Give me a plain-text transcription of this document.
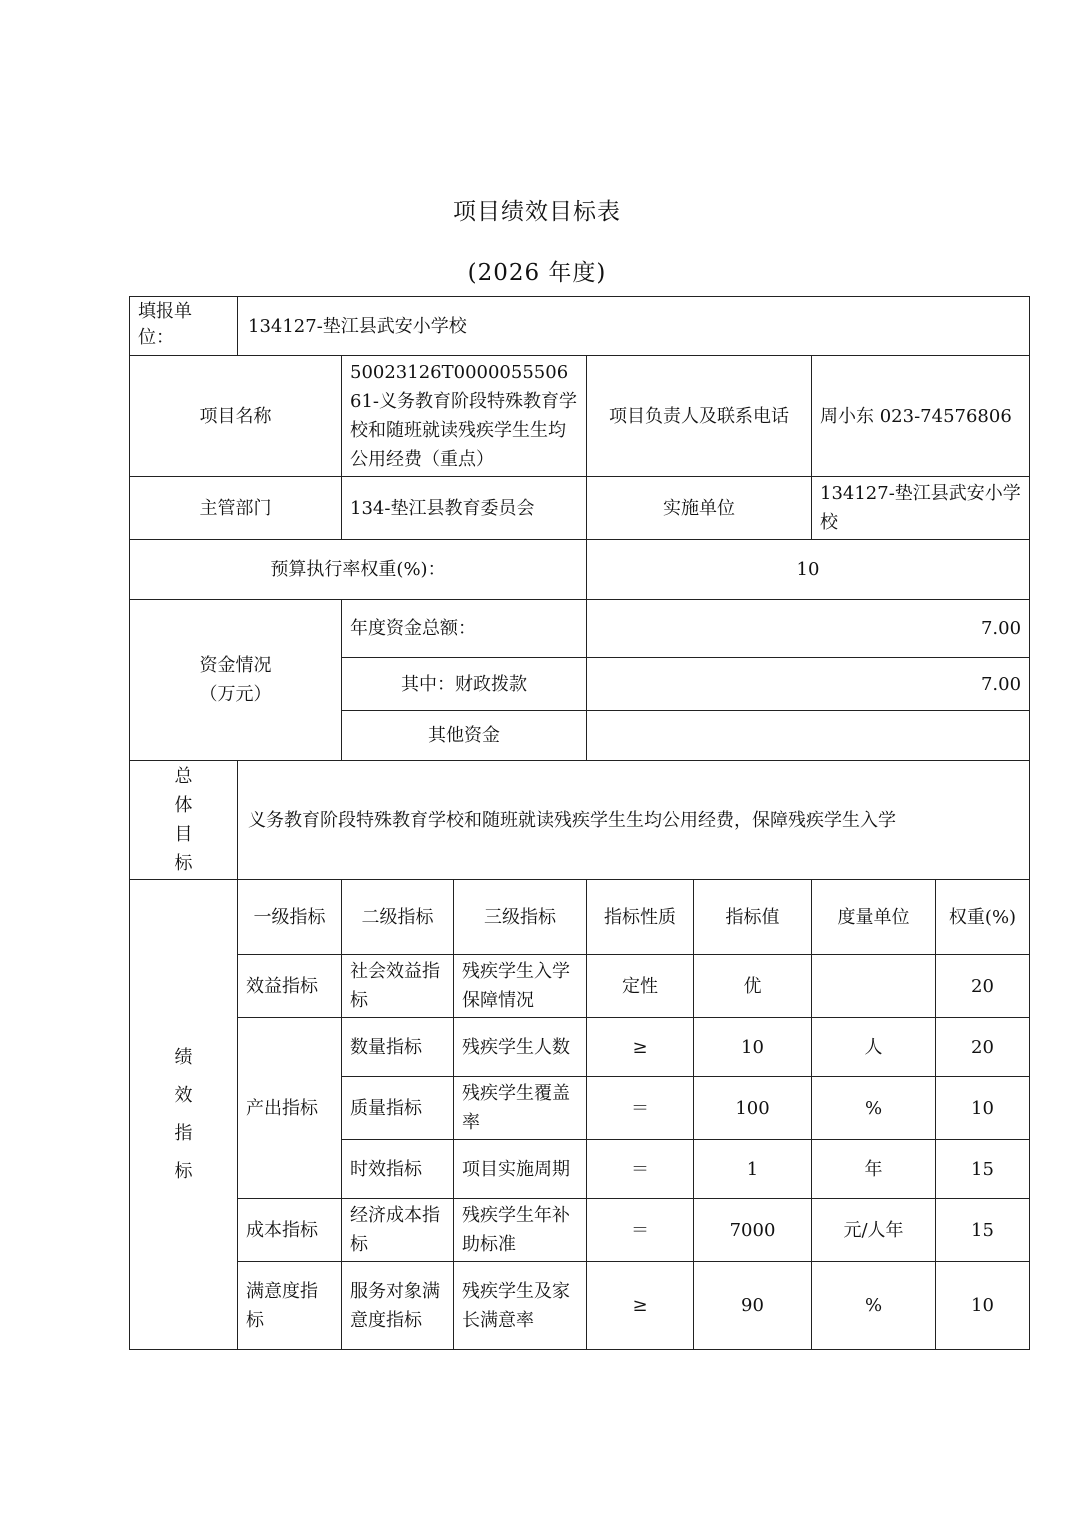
项目绩效目标表
(2026 年度)
填报单
位：	134127-垫江县武安小学校						
项目名称		50023126T000005550661-义务教育阶段特殊教育学校和随班就读残疾学生生均公用经费（重点）		项目负责人及联系电话		周小东 023-74576806	
主管部门		134-垫江县教育委员会		实施单位		134127-垫江县武安小学校	
预算执行率权重(%)：				10			
资金情况
（万元）		年度资金总额：		7.00			
		其中：财政拨款		7.00			
		其他资金					

总
体
目
标	义务教育阶段特殊教育学校和随班就读残疾学生生均公用经费，保障残疾学生入学						

绩
效
指
标	一级指标	二级指标	三级指标	指标性质	指标值	度量单位	权重(%)
	效益指标	社会效益指标	残疾学生入学保障情况	定性	优		20
	产出指标	数量指标	残疾学生人数	≥	10	人	20
		质量指标	残疾学生覆盖率	＝	100	%	10
		时效指标	项目实施周期	＝	1	年	15
	成本指标	经济成本指标	残疾学生年补助标准	＝	7000	元/人年	15
	满意度指标	服务对象满意度指标	残疾学生及家长满意率	≥	90	%	10
